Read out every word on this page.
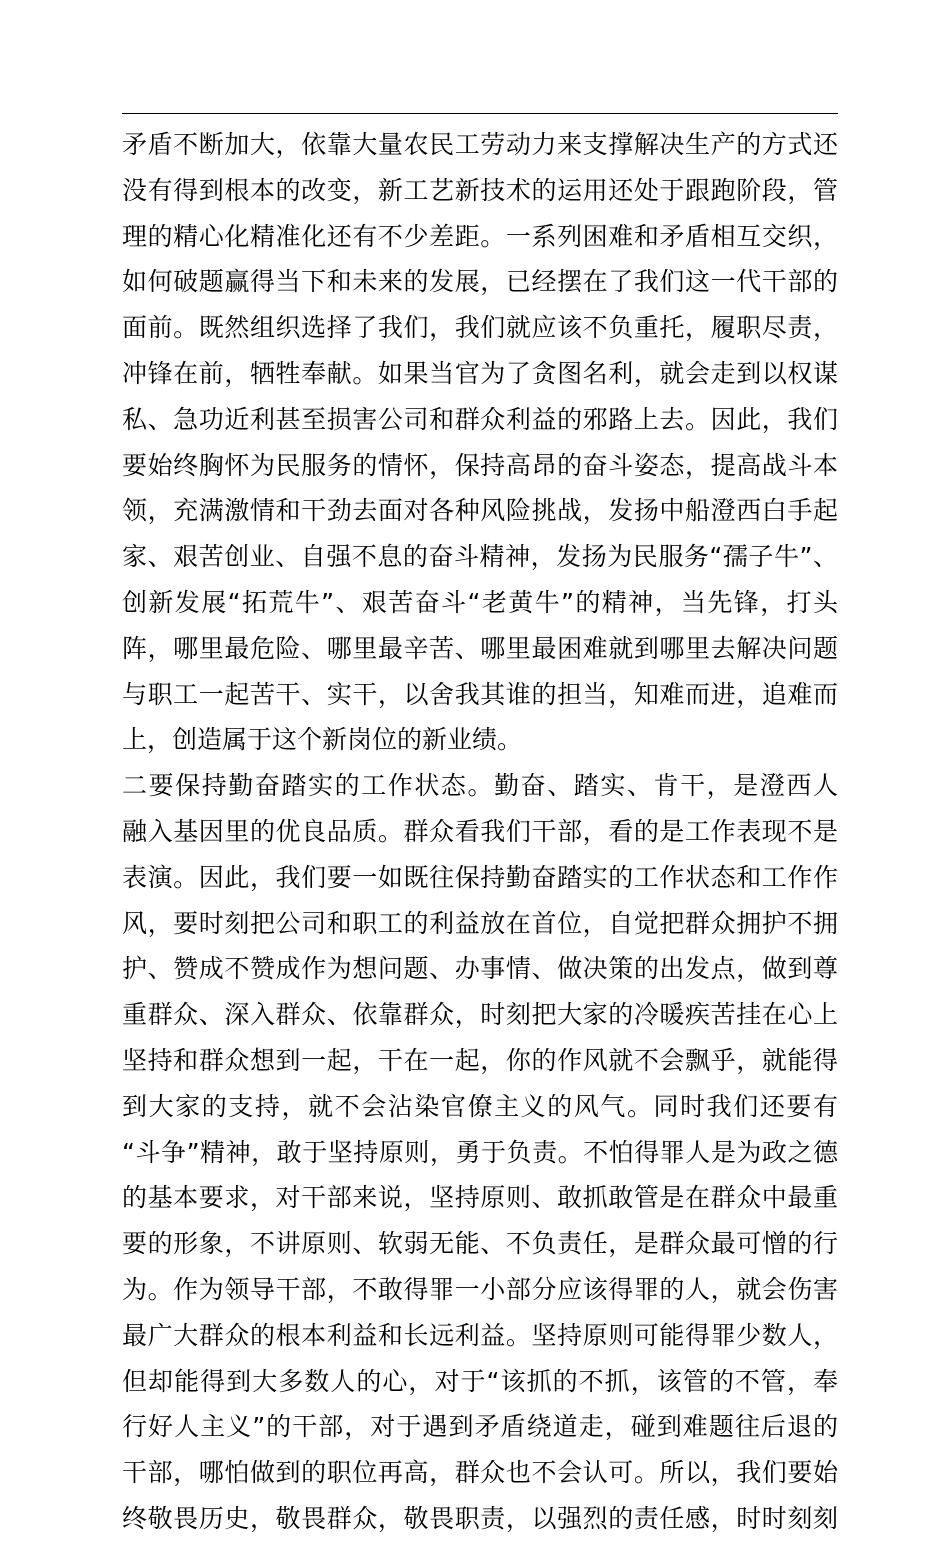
矛盾不断加大，依靠大量农民工劳动力来支撑解决生产的方式还
没有得到根本的改变，新工艺新技术的运用还处于跟跑阶段，管
理的精心化精准化还有不少差距。一系列困难和矛盾相互交织，
如何破题赢得当下和未来的发展，已经摆在了我们这一代干部的
面前。既然组织选择了我们，我们就应该不负重托，履职尽责，
冲锋在前，牺牲奉献。如果当官为了贪图名利，就会走到以权谋
私、急功近利甚至损害公司和群众利益的邪路上去。因此，我们
要始终胸怀为民服务的情怀，保持高昂的奋斗姿态，提高战斗本
领，充满激情和干劲去面对各种风险挑战，发扬中船澄西白手起
家、艰苦创业、自强不息的奋斗精神，发扬为民服务“孺子牛”、
创新发展“拓荒牛”、艰苦奋斗“老黄牛”的精神，当先锋，打头
阵，哪里最危险、哪里最辛苦、哪里最困难就到哪里去解决问题
与职工一起苦干、实干，以舍我其谁的担当，知难而进，追难而
上，创造属于这个新岗位的新业绩。
二要保持勤奋踏实的工作状态。勤奋、踏实、肯干，是澄西人
融入基因里的优良品质。群众看我们干部，看的是工作表现不是
表演。因此，我们要一如既往保持勤奋踏实的工作状态和工作作
风，要时刻把公司和职工的利益放在首位，自觉把群众拥护不拥
护、赞成不赞成作为想问题、办事情、做决策的出发点，做到尊
重群众、深入群众、依靠群众，时刻把大家的冷暖疾苦挂在心上
坚持和群众想到一起，干在一起，你的作风就不会飘乎，就能得
到大家的支持，就不会沾染官僚主义的风气。同时我们还要有
“斗争”精神，敢于坚持原则，勇于负责。不怕得罪人是为政之德
的基本要求，对干部来说，坚持原则、敢抓敢管是在群众中最重
要的形象，不讲原则、软弱无能、不负责任，是群众最可憎的行
为。作为领导干部，不敢得罪一小部分应该得罪的人，就会伤害
最广大群众的根本利益和长远利益。坚持原则可能得罪少数人，
但却能得到大多数人的心，对于“该抓的不抓，该管的不管，奉
行好人主义”的干部，对于遇到矛盾绕道走，碰到难题往后退的
干部，哪怕做到的职位再高，群众也不会认可。所以，我们要始
终敬畏历史，敬畏群众，敬畏职责，以强烈的责任感，时时刻刻
